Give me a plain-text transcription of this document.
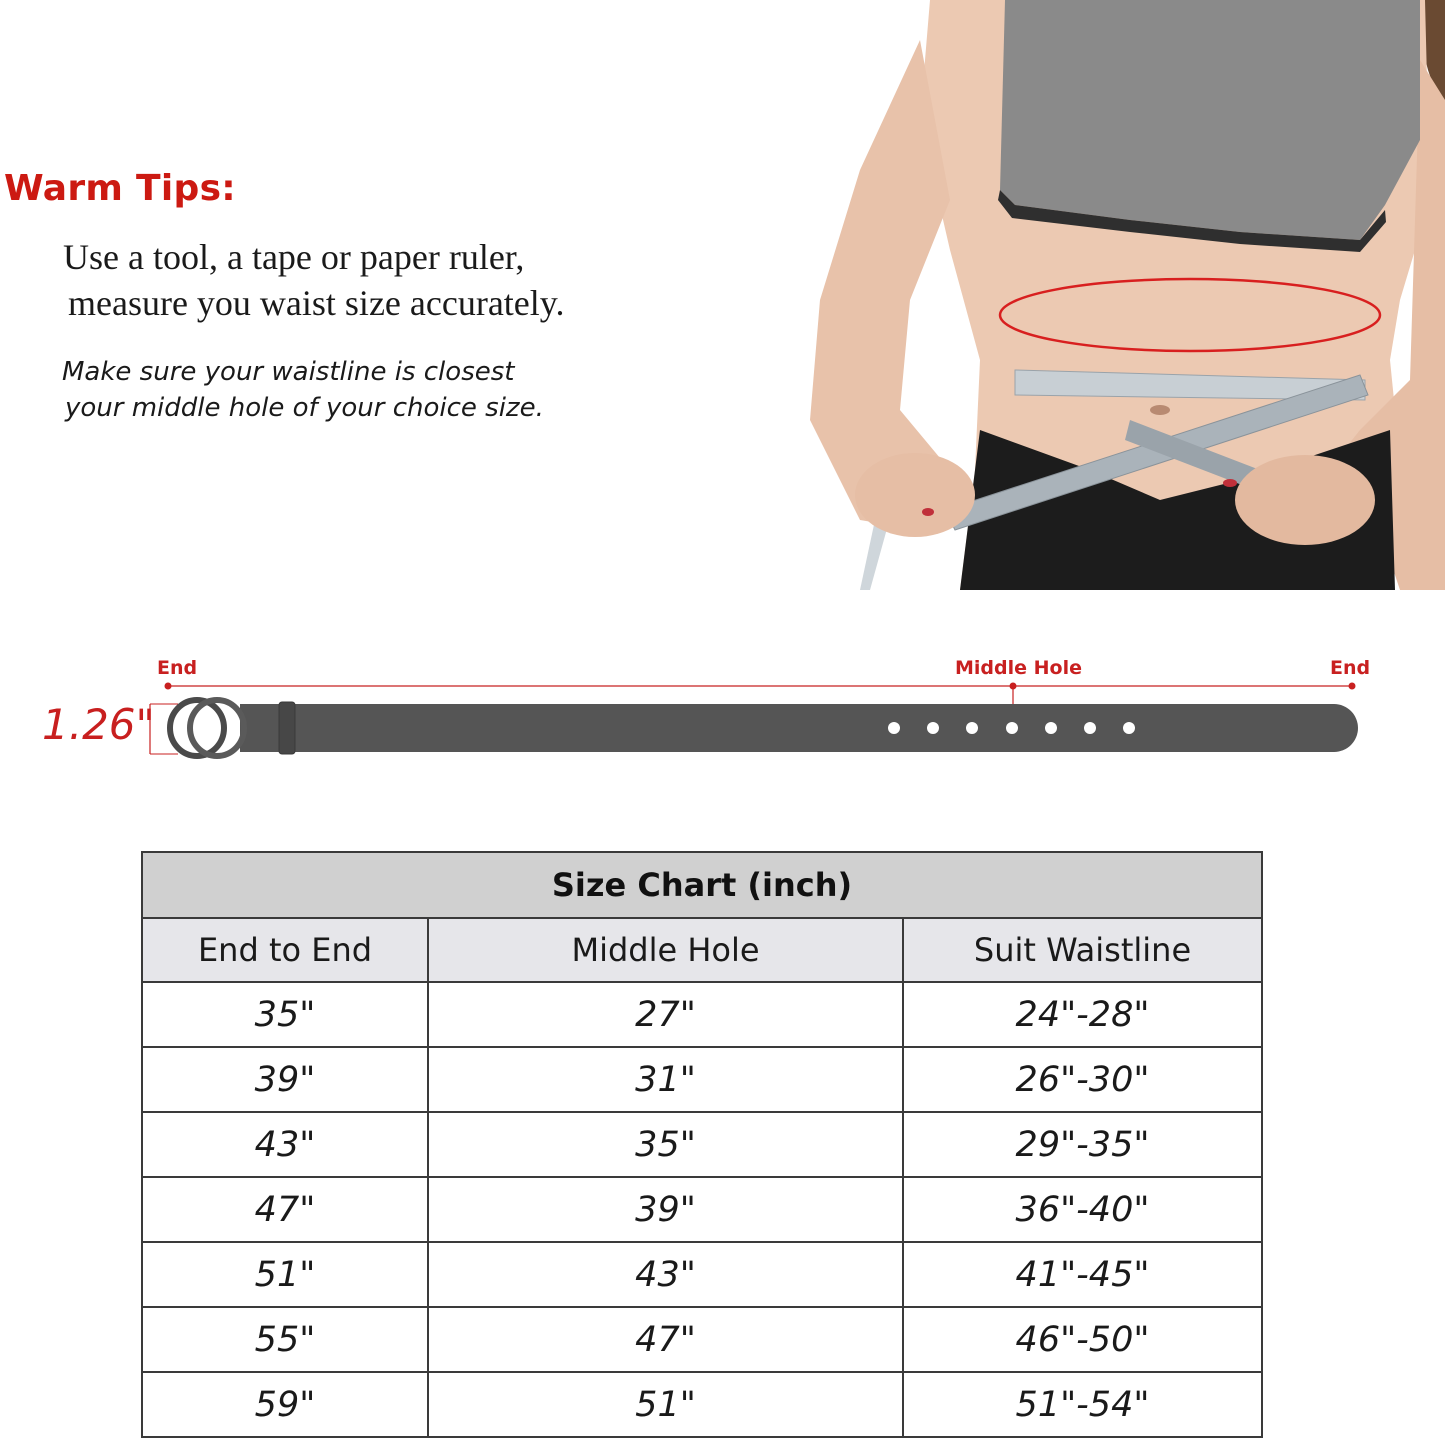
Warm Tips:
Use a tool, a tape or paper ruler,
measure you waist size accurately.
Make sure your waistline is closest
your middle hole of your choice size.
End	Middle Hole	End
1.26"
Size Chart (inch)		
End to End	Middle Hole	Suit Waistline
35"	27"	24"-28"
39"	31"	26"-30"
43"	35"	29"-35"
47"	39"	36"-40"
51"	43"	41"-45"
55"	47"	46"-50"
59"	51"	51"-54"
